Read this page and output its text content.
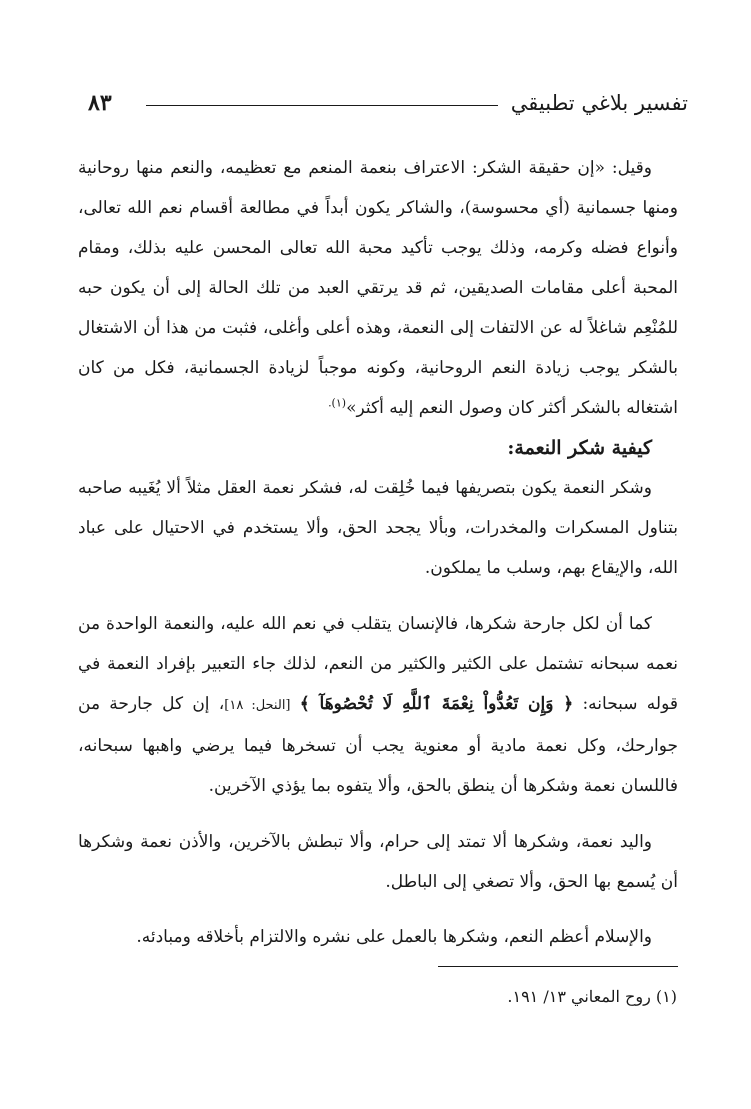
تفسير بلاغي تطبيقي
٨٣

وقيل: «إن حقيقة الشكر: الاعتراف بنعمة المنعم مع تعظيمه، والنعم منها روحانية ومنها جسمانية (أي محسوسة)، والشاكر يكون أبداً في مطالعة أقسام نعم الله تعالى، وأنواع فضله وكرمه، وذلك يوجب تأكيد محبة الله تعالى المحسن عليه بذلك، ومقام المحبة أعلى مقامات الصديقين، ثم قد يرتقي العبد من تلك الحالة إلى أن يكون حبه للمُنْعِم شاغلاً له عن الالتفات إلى النعمة، وهذه أعلى وأغلى، فثبت من هذا أن الاشتغال بالشكر يوجب زيادة النعم الروحانية، وكونه موجباً لزيادة الجسمانية، فكل من كان اشتغاله بالشكر أكثر كان وصول النعم إليه أكثر»$^{(١).}$

كيفية شكر النعمة:

وشكر النعمة يكون بتصريفها فيما خُلِقت له، فشكر نعمة العقل مثلاً ألا يُغَيبه صاحبه بتناول المسكرات والمخدرات، وبألا يجحد الحق، وألا يستخدم في الاحتيال على عباد الله، والإيقاع بهم، وسلب ما يملكون.

كما أن لكل جارحة شكرها، فالإنسان يتقلب في نعم الله عليه، والنعمة الواحدة من نعمه سبحانه تشتمل على الكثير والكثير من النعم، لذلك جاء التعبير بإفراد النعمة في قوله سبحانه: ﴿ وَإِن تَعُدُّواْ نِعْمَةَ ٱللَّهِ لَا تُحْصُوهَآ ﴾ [النحل: ١٨]، إن كل جارحة من جوارحك، وكل نعمة مادية أو معنوية يجب أن تسخرها فيما يرضي واهبها سبحانه، فاللسان نعمة وشكرها أن ينطق بالحق، وألا يتفوه بما يؤذي الآخرين.

واليد نعمة، وشكرها ألا تمتد إلى حرام، وألا تبطش بالآخرين، والأذن نعمة وشكرها أن يُسمع بها الحق، وألا تصغي إلى الباطل.

والإسلام أعظم النعم، وشكرها بالعمل على نشره والالتزام بأخلاقه ومبادئه.

(١) روح المعاني ١٣/ ١٩١.
